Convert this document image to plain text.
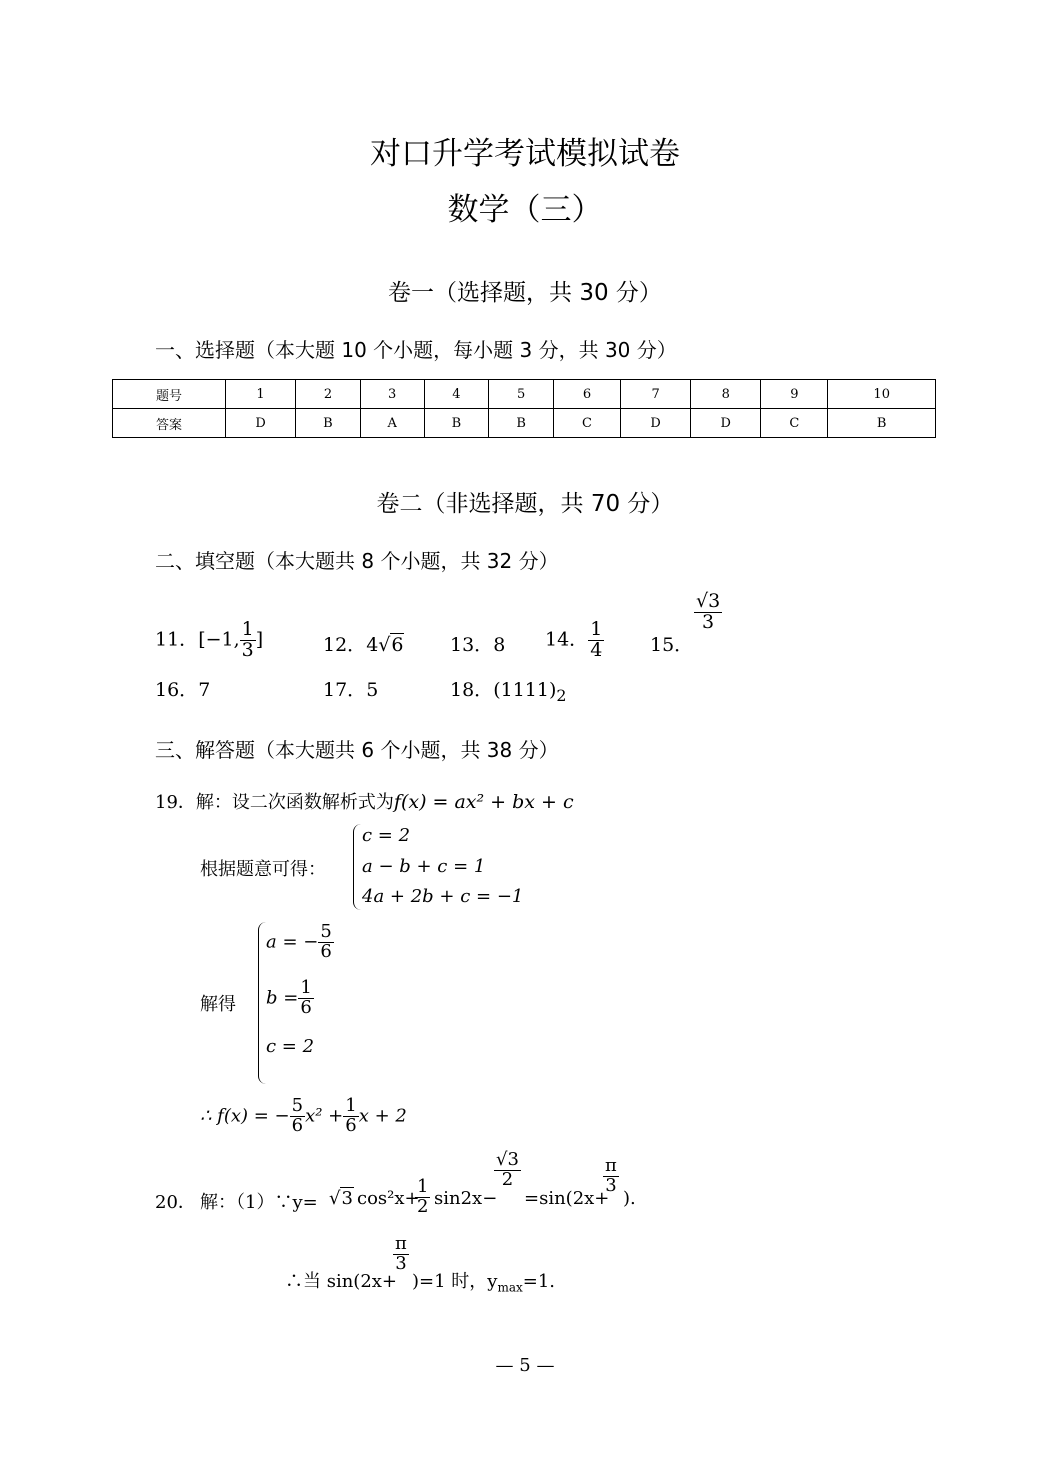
对口升学考试模拟试卷
数学（三）
卷一（选择题，共 30 分）
一、选择题（本大题 10 个小题，每小题 3 分，共 30 分）
题号	1	2	3	4	5	6	7	8	9	10
答案	D	B	A	B	B	C	D	D	C	B
卷二（非选择题，共 70 分）
二、填空题（本大题共 8 个小题，共 32 分）
11．[−1, $\frac{1}{3}$ ]	12．4√6 13．8 14． $\frac{1}{4} 15$．
$\frac{√3}{3}$
16．7	17．5	18．$(1111)_2$
三、解答题（本大题共 6 个小题，共 38 分）
19．解：设二次函数解析式为f(x) = ax² + bx + c
根据题意可得：
c = 2
a − b + c = 1
4a + 2b + c = −1
解得
a = − $\frac{5}{6}$
$b = \frac{1}{6}$
c = 2
∴ f(x) = − $\frac{5}{6} x^2 + \frac{1}{6}$ x + 2
20． 解：（1）∵y= √3 cos²x+
$\frac{1}{2} \sin 2x-$
$\frac{√3}{2}$
=sin(2x+
$\frac{\pi}{3}$
).
∴当 sin(2x+
$\frac{\pi}{3}$
)=1 时，$y_{max}=1$.
— 5 —
